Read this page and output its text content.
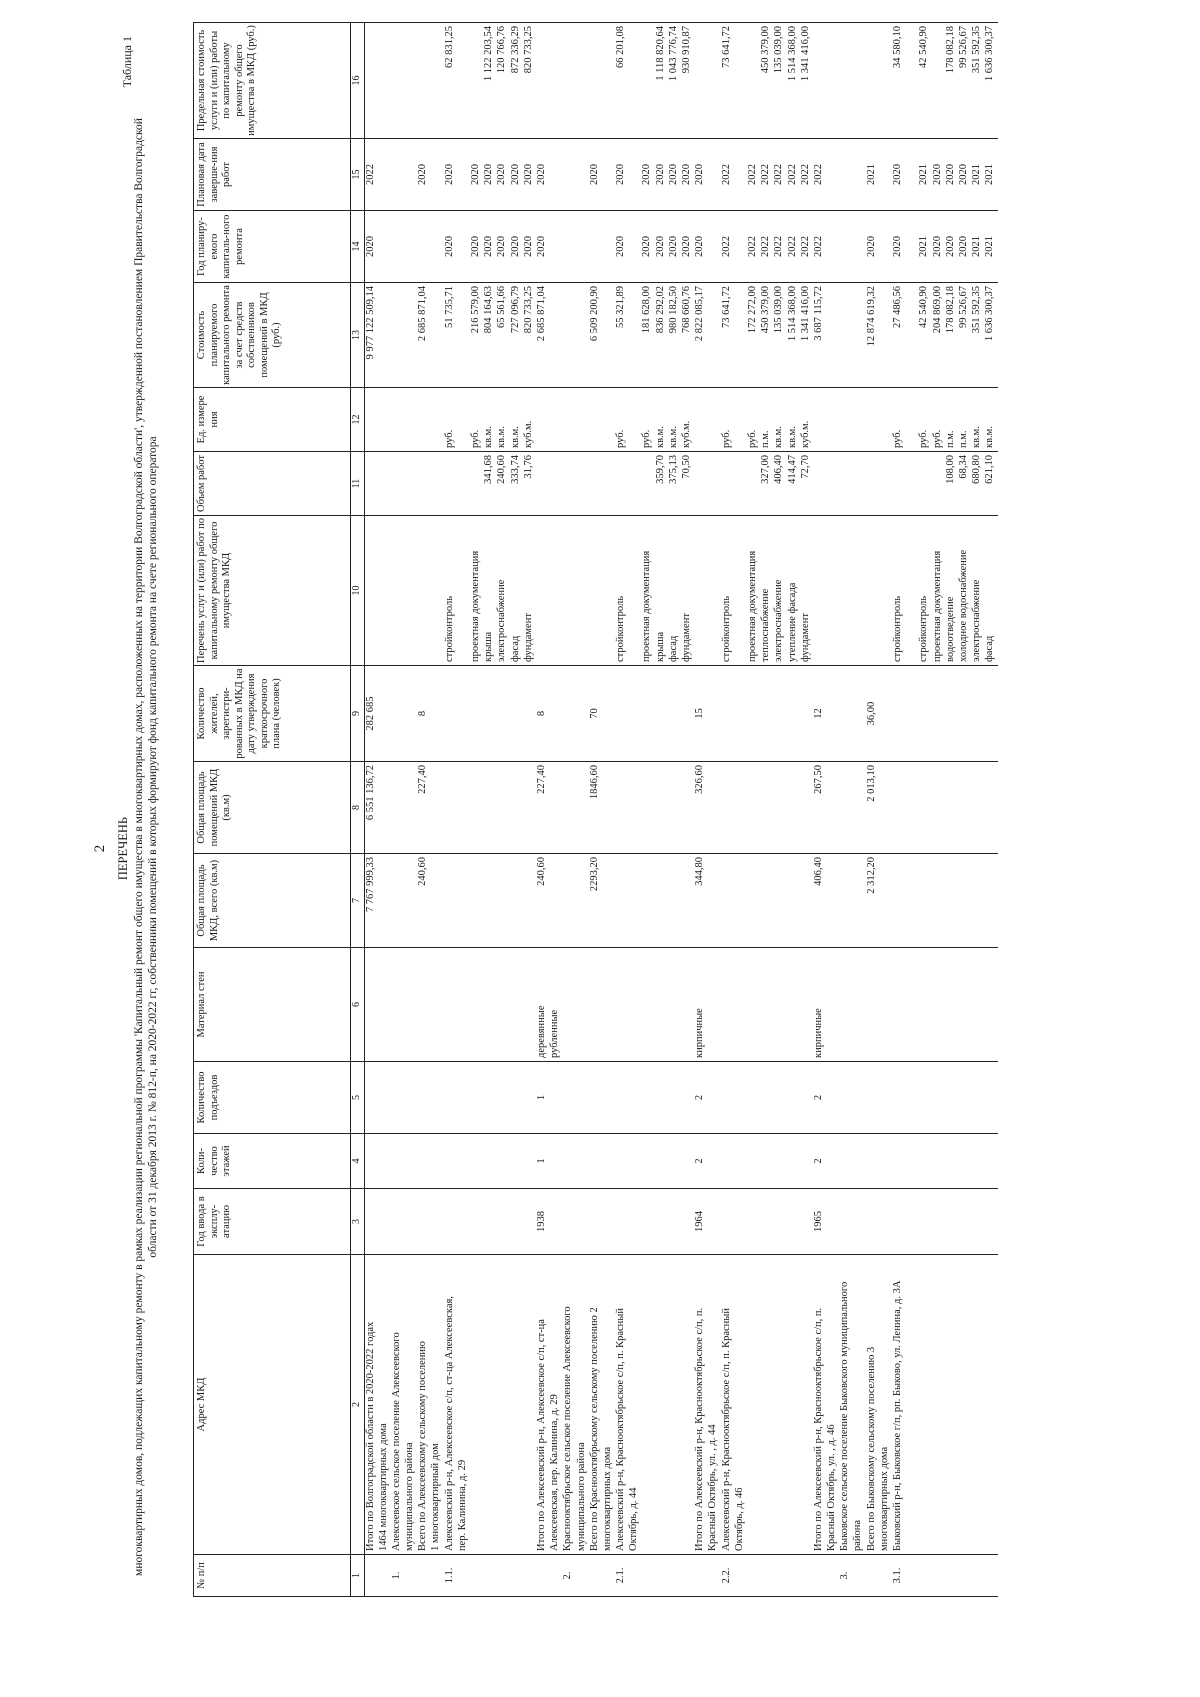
2
Таблица 1
ПЕРЕЧЕНЬ многоквартирных домов, подлежащих капитальному ремонту в рамках реализации региональной программы 'Капитальный ремонт общего имущества в многоквартирных домах, расположенных на территории Волгоградской области', утвержденной постановлением Правительства Волгоградской области от 31 декабря 2013 г. № 812-п, на 2020-2022 гг, собственники помещений в которых формируют фонд капитального ремонта на счете регионального оператора
№ п/п	Адрес МКД	Год ввода в эксплу-атацию	Коли-чество этажей	Количество подъездов	Материал стен	Общая площадь МКД, всего (кв.м)	Общая площадь помещений МКД (кв.м)	Количество жителей, зарегистри-рованных в МКД на дату утверждения краткосрочного плана (человек)	Перечень услуг и (или) работ по капитальному ремонту общего имущества МКД	Объем работ	Ед. измере ния	Стоимость планируемого капитального ремонта за счет средств собственников помещений в МКД (руб.)	Год планиру-емого капиталь-ного ремонта	Плановая дата заверше-ния работ	Предельная стоимость услуги и (или) работы по капитальному ремонту общего имущества в МКД (руб.)
1	2	3	4	5	6	7	8	9	10	11	12	13	14	15	16
	Итого по Волгоградской области в 2020-2022 годах					7 767 999,33	6 551 136,72	282 685				9 977 122 509,14	2020	2022	
	1464 многоквартирных дома														
1.	Алексеевское сельское поселение Алексеевского														
	муниципального района														
	Всего по Алексеевскому сельскому поселению					240,60	227,40	8				2 685 871,04		2020	
	1 многоквартирный дом														
1.1.	Алексеевский р-н, Алексеевское с/п, ст-ца Алексеевская,								стройконтроль		руб.	51 735,71	2020	2020	62 831,25
	пер. Калинина, д. 29														
									проектная документация		руб.	216 579,00	2020	2020	
									крыша	341,68	кв.м.	804 164,63	2020	2020	1 122 203,54
									электроснабжение	240,60	кв.м.	65 561,66	2020	2020	120 766,76
									фасад	333,74	кв.м.	727 096,79	2020	2020	872 336,29
									фундамент	31,76	куб.м.	820 733,25	2020	2020	820 733,25
	Итого по Алексеевский р-н, Алексеевское с/п, ст-ца	1938	1	1	деревянные	240,60	227,40	8				2 685 871,04	2020	2020	
	Алексеевская, пер. Калинина, д. 29				рубленные										
2.	Краснооктябрьское сельское поселение Алексеевского														
	муниципального района														
	Всего по Краснооктябрьскому сельскому поселению 2					2293,20	1846,60	70				6 509 200,90		2020	
	многоквартирных дома														
2.1.	Алексеевский р-н, Краснооктябрьское с/п, п. Красный								стройконтроль		руб.	55 321,89	2020	2020	66 201,08
	Октябрь, д. 44														
									проектная документация		руб.	181 628,00	2020	2020	
									крыша	359,70	кв.м.	836 292,02	2020	2020	1 118 820,64
									фасад	375,13	кв.м.	980 182,50	2020	2020	1 043 776,74
									фундамент	70,50	куб.м.	768 660,76	2020	2020	930 910,87
	Итого по Алексеевский р-н, Краснооктябрьское с/п, п.	1964	2	2	кирпичные	344,80	326,60	15				2 822 085,17	2020	2020	
	Красный Октябрь, ул. , д. 44														
2.2.	Алексеевский р-н, Краснооктябрьское с/п, п. Красный								стройконтроль		руб.	73 641,72	2022	2022	73 641,72
	Октябрь, д. 46														
									проектная документация		руб.	172 272,00	2022	2022	
									теплоснабжение	327,00	п.м.	450 379,00	2022	2022	450 379,00
									электроснабжение	406,40	кв.м.	135 039,00	2022	2022	135 039,00
									утепление фасада	414,47	кв.м.	1 514 368,00	2022	2022	1 514 368,00
									фундамент	72,70	куб.м.	1 341 416,00	2022	2022	1 341 416,00
	Итого по Алексеевский р-н, Краснооктябрьское с/п, п.	1965	2	2	кирпичные	406,40	267,50	12				3 687 115,72	2022	2022	
	Красный Октябрь, ул. , д. 46														
3.	Быковское сельское поселение Быковского муниципального														
	района														
	Всего по Быковскому сельскому поселению 3					2 312,20	2 013,10	36,00				12 874 619,32	2020	2021	
	многоквартирных дома														
3.1.	Быковский р-н, Быковское г/п, рп. Быково, ул. Ленина, д. 3А								стройконтроль		руб.	27 486,56	2020	2020	34 580,10

									стройконтроль		руб.	42 540,90	2021	2021	42 540,90
									проектная документация		руб.	204 869,00	2020	2020	
									водоотведение	108,00	п.м.	178 082,18	2020	2020	178 082,18
									холодное водоснабжение	68,34	п.м.	99 526,67	2020	2020	99 526,67
									электроснабжение	680,80	кв.м.	351 592,35	2021	2021	351 592,35
									фасад	621,10	кв.м.	1 636 300,37	2021	2021	1 636 300,37
